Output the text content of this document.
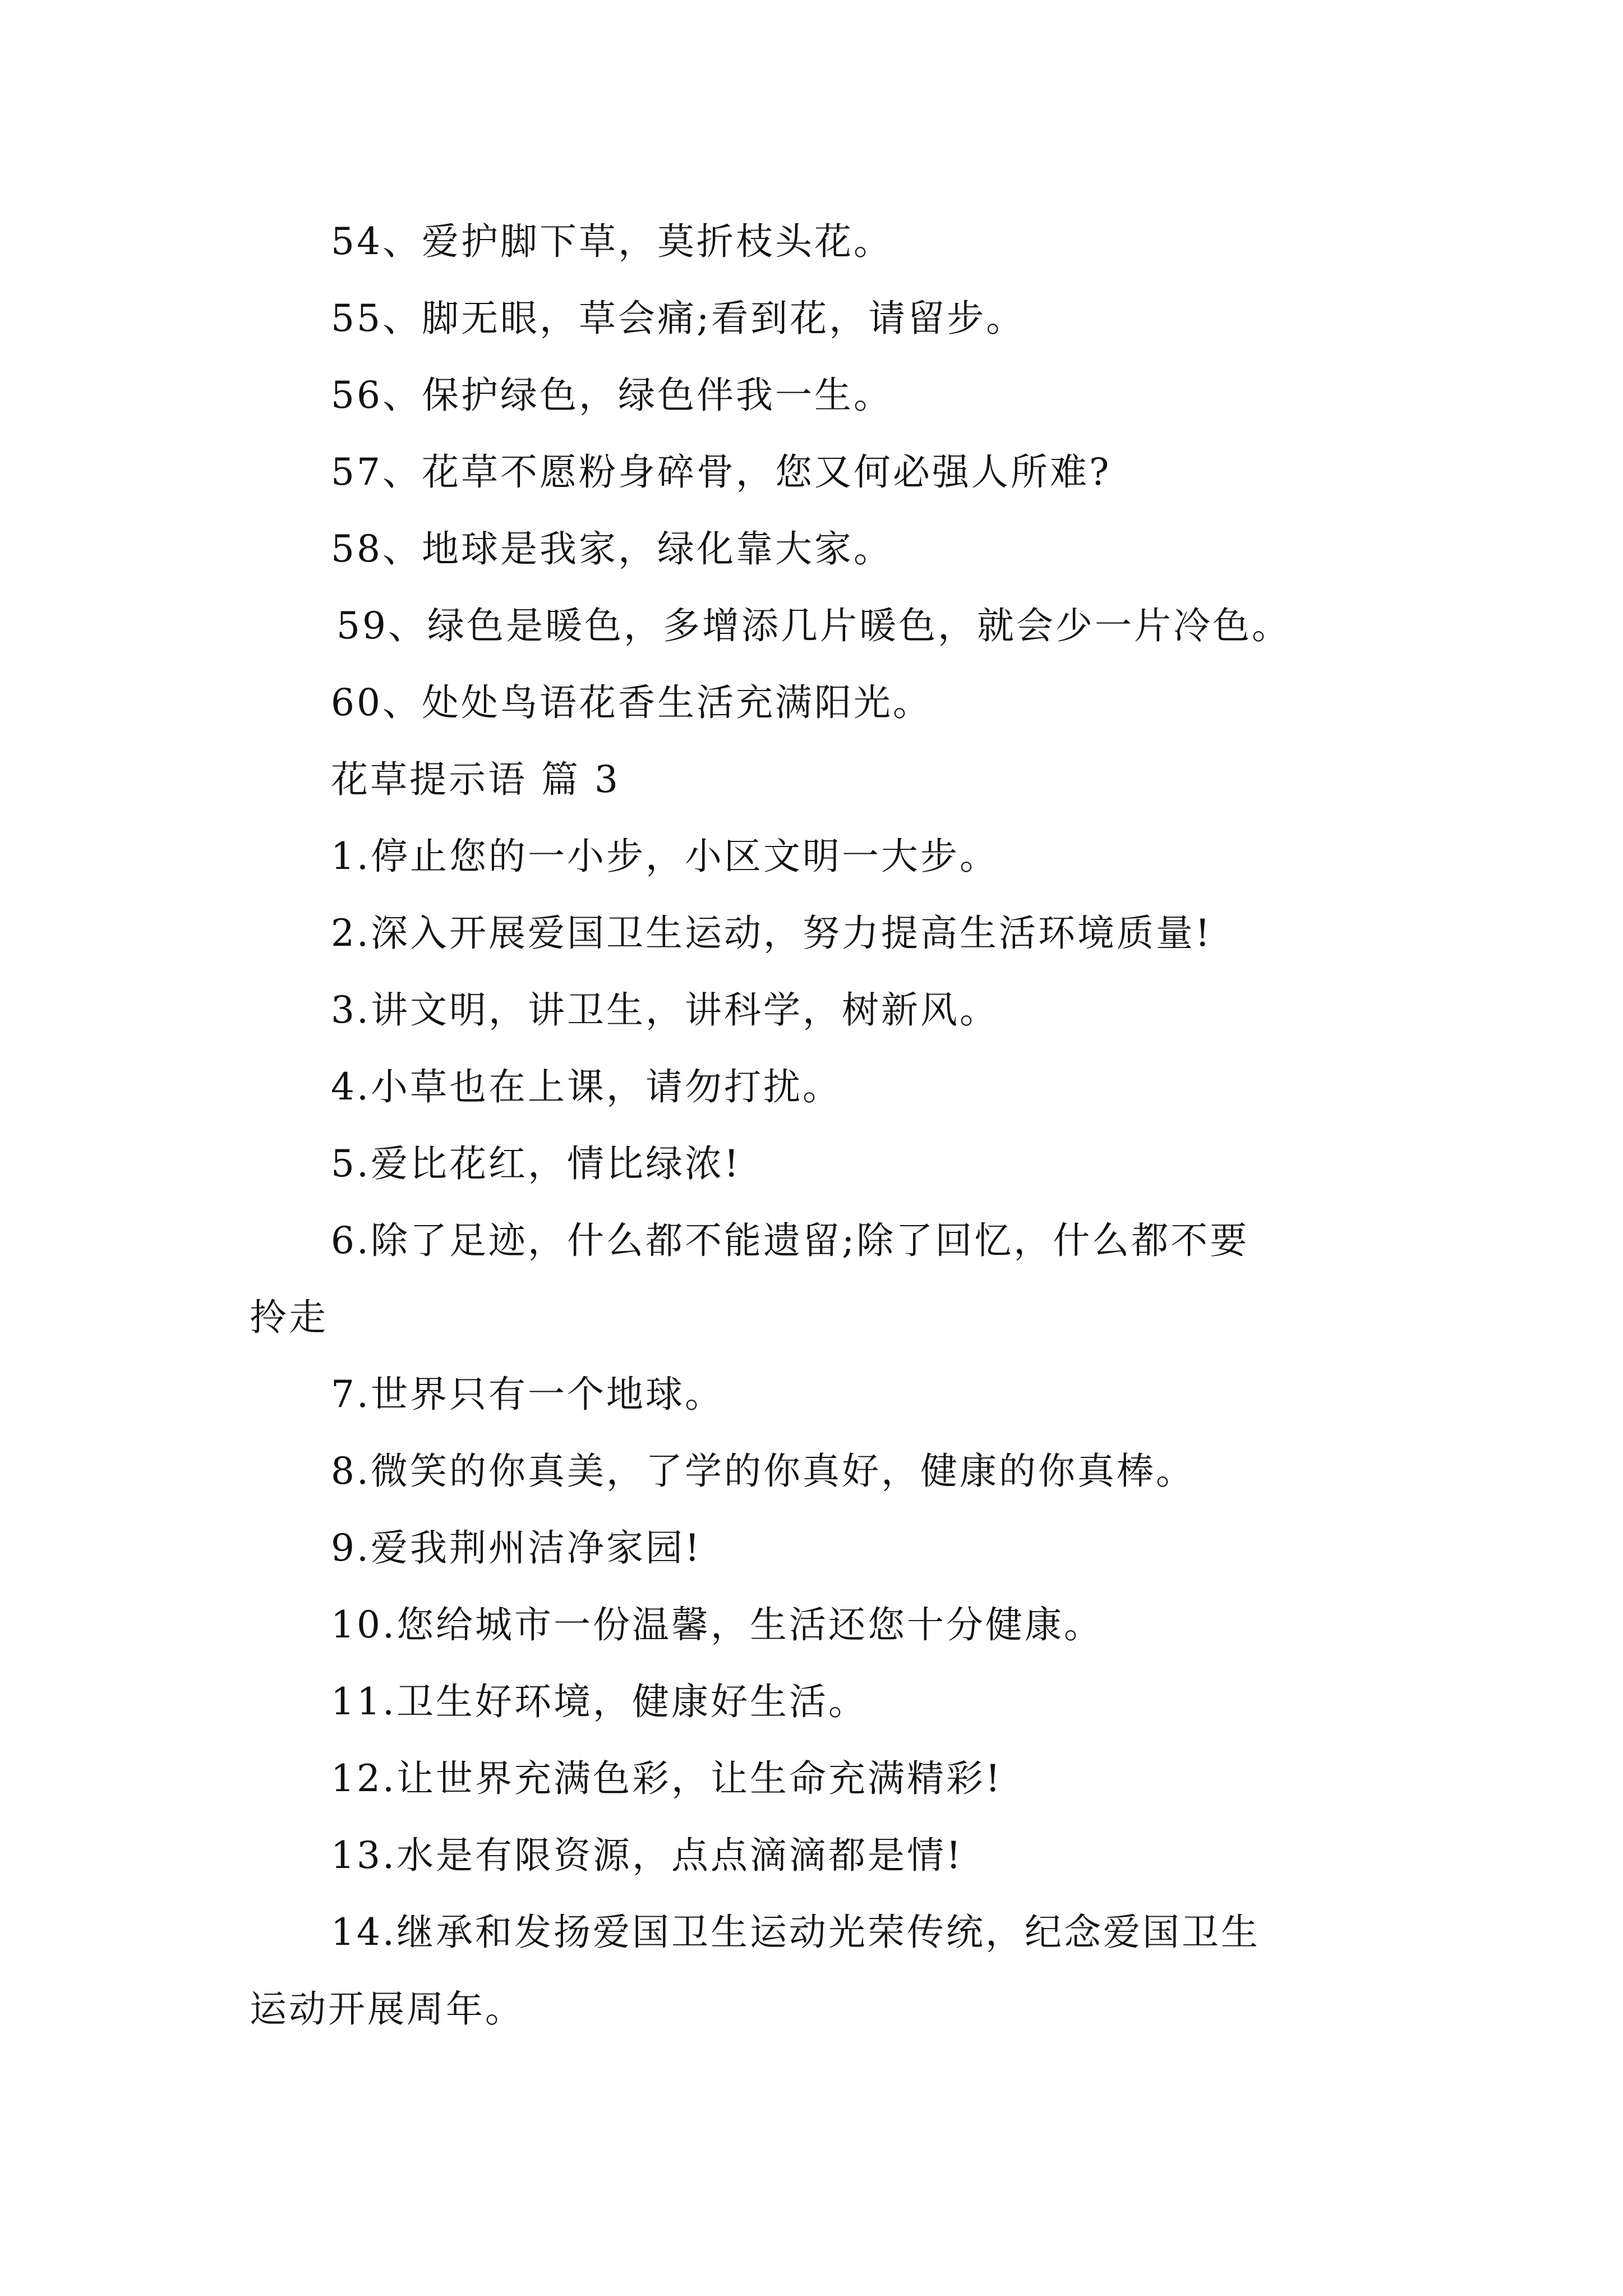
54、爱护脚下草，莫折枝头花。
55、脚无眼，草会痛;看到花，请留步。
56、保护绿色，绿色伴我一生。
57、花草不愿粉身碎骨，您又何必强人所难?
58、地球是我家，绿化靠大家。
59、绿色是暖色，多增添几片暖色，就会少一片冷色。
60、处处鸟语花香生活充满阳光。
花草提示语 篇 3
1.停止您的一小步，小区文明一大步。
2.深入开展爱国卫生运动，努力提高生活环境质量!
3.讲文明，讲卫生，讲科学，树新风。
4.小草也在上课，请勿打扰。
5.爱比花红，情比绿浓!
6.除了足迹，什么都不能遗留;除了回忆，什么都不要
拎走
7.世界只有一个地球。
8.微笑的你真美，了学的你真好，健康的你真棒。
9.爱我荆州洁净家园!
10.您给城市一份温馨，生活还您十分健康。
11.卫生好环境，健康好生活。
12.让世界充满色彩，让生命充满精彩!
13.水是有限资源，点点滴滴都是情!
14.继承和发扬爱国卫生运动光荣传统，纪念爱国卫生
运动开展周年。
